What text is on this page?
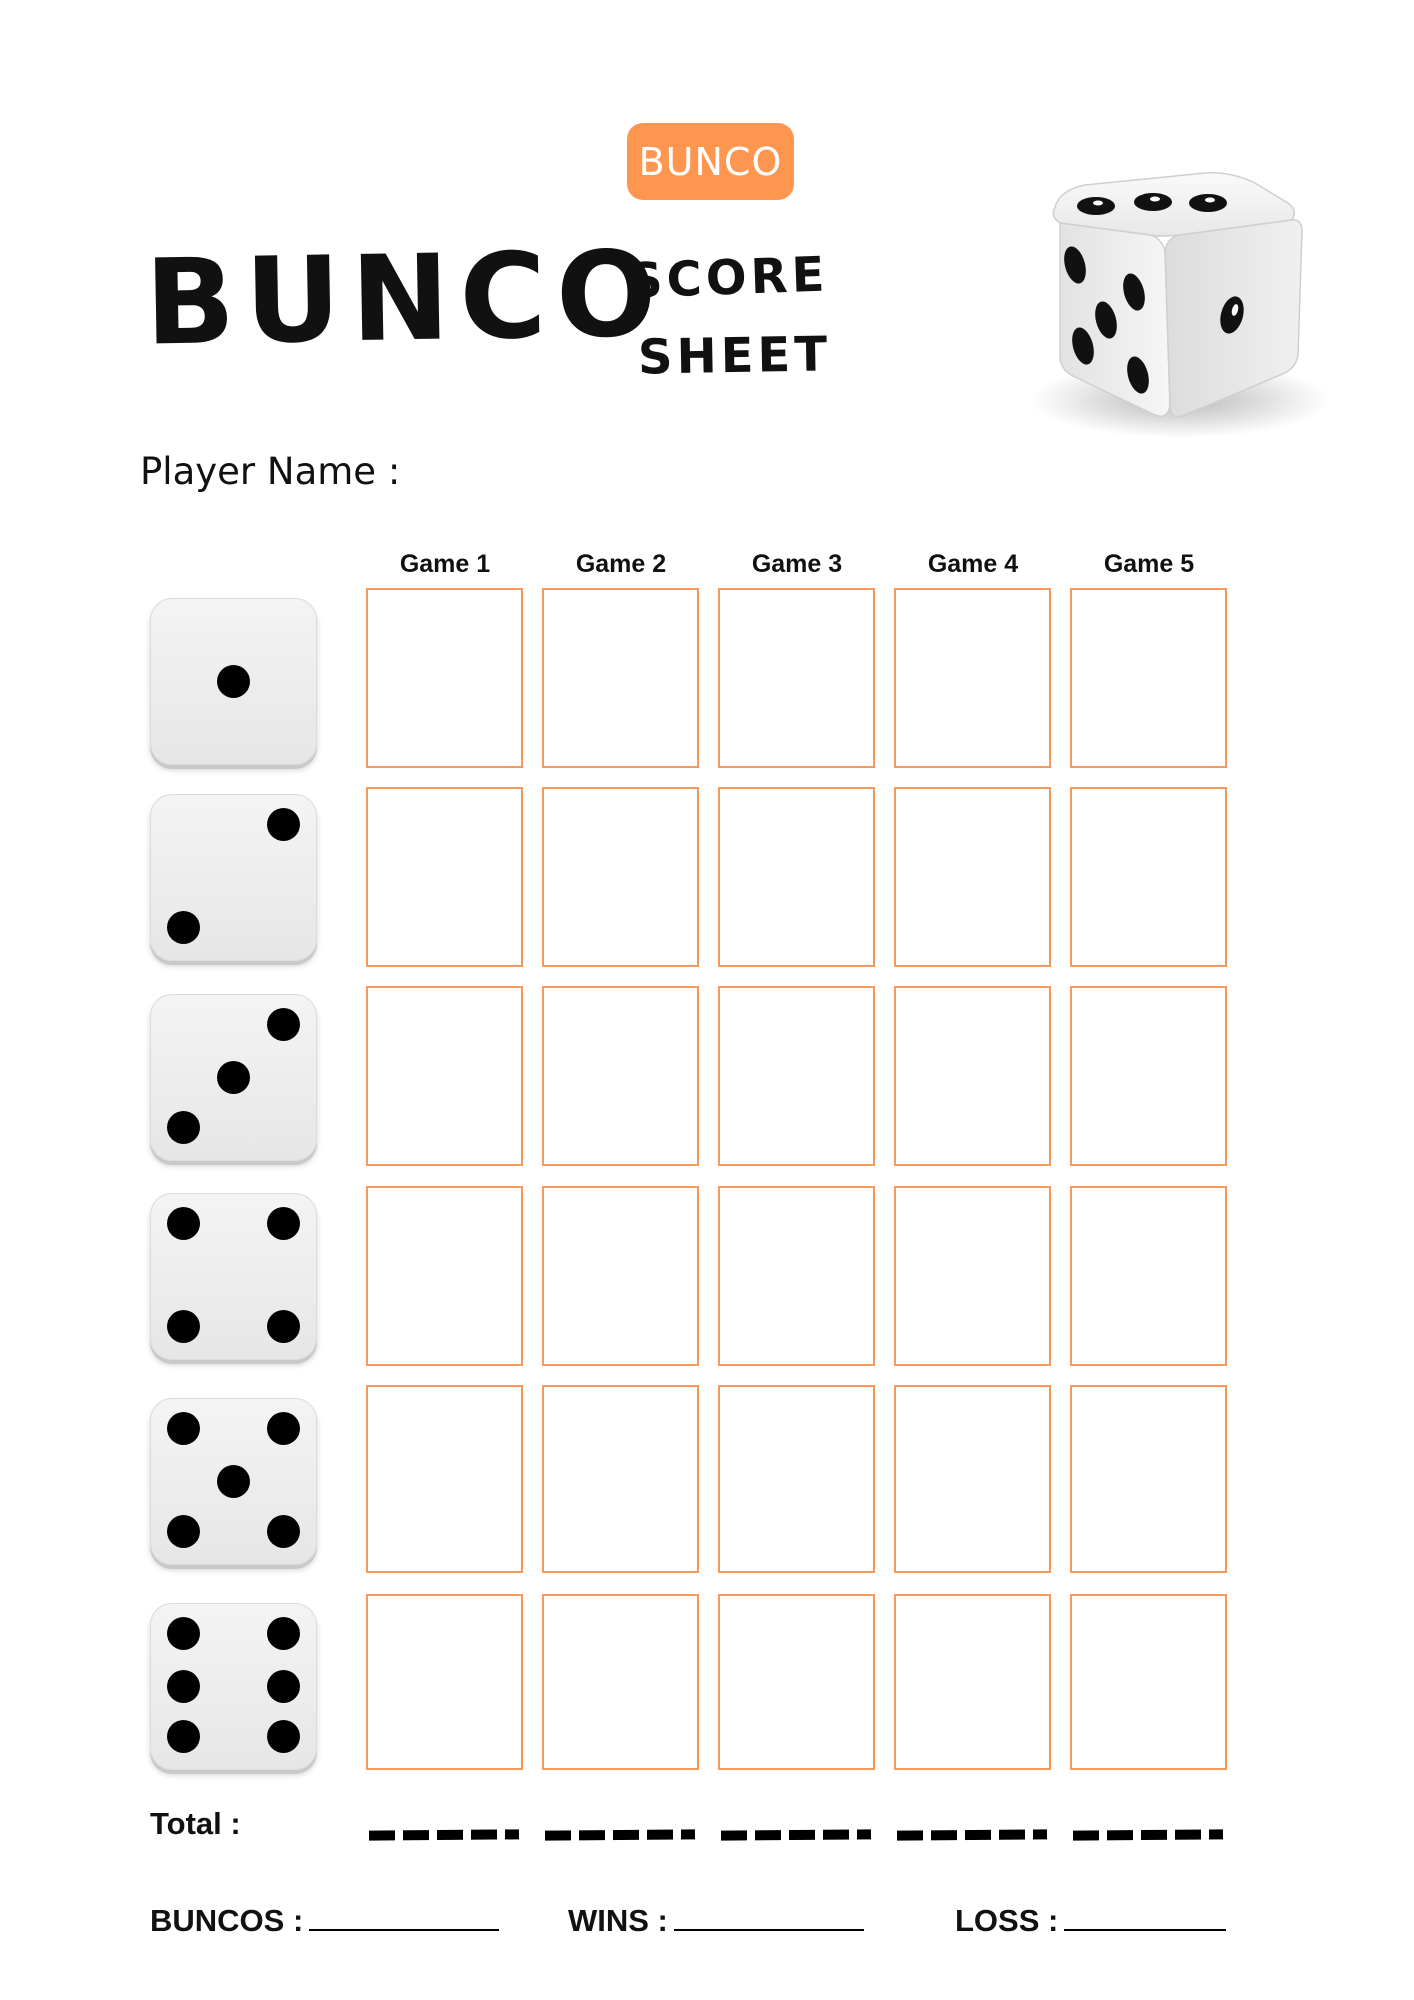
BUNCO
BUNCO
SCORE
SHEET
Player Name :
Game 1	Game 2	Game 3	Game 4	Game 5
Total :
BUNCOS :	WINS :	LOSS :
